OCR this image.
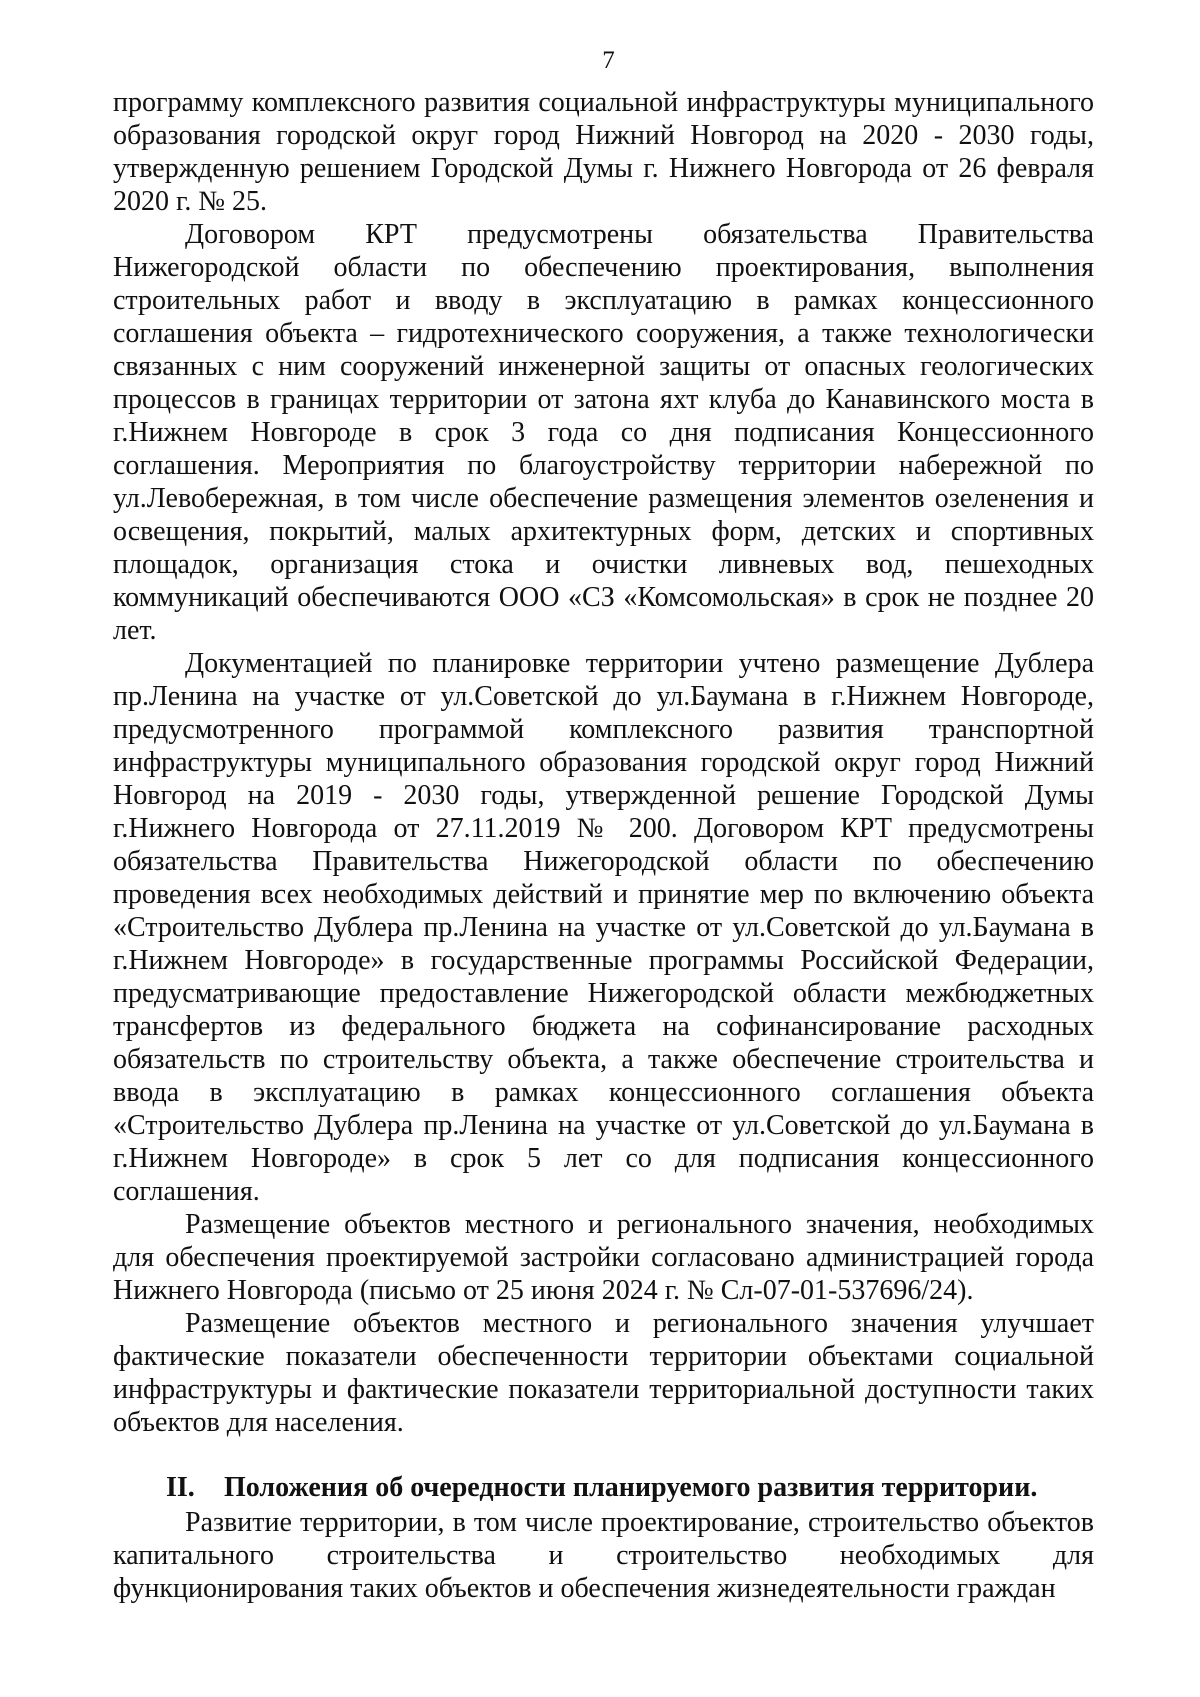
7

программу комплексного развития социальной инфраструктуры муниципального образования городской округ город Нижний Новгород на 2020 - 2030 годы, утвержденную решением Городской Думы г. Нижнего Новгорода от 26 февраля 2020 г. № 25.

Договором КРТ предусмотрены обязательства Правительства Нижегородской области по обеспечению проектирования, выполнения строительных работ и вводу в эксплуатацию в рамках концессионного соглашения объекта – гидротехнического сооружения, а также технологически связанных с ним сооружений инженерной защиты от опасных геологических процессов в границах территории от затона яхт клуба до Канавинского моста в г.Нижнем Новгороде в срок 3 года со дня подписания Концессионного соглашения. Мероприятия по благоустройству территории набережной по ул.Левобережная, в том числе обеспечение размещения элементов озеленения и освещения, покрытий, малых архитектурных форм, детских и спортивных площадок, организация стока и очистки ливневых вод, пешеходных коммуникаций обеспечиваются ООО «СЗ «Комсомольская» в срок не позднее 20 лет.

Документацией по планировке территории учтено размещение Дублера пр.Ленина на участке от ул.Советской до ул.Баумана в г.Нижнем Новгороде, предусмотренного программой комплексного развития транспортной инфраструктуры муниципального образования городской округ город Нижний Новгород на 2019 - 2030 годы, утвержденной решение Городской Думы г.Нижнего Новгорода от 27.11.2019 № 200. Договором КРТ предусмотрены обязательства Правительства Нижегородской области по обеспечению проведения всех необходимых действий и принятие мер по включению объекта «Строительство Дублера пр.Ленина на участке от ул.Советской до ул.Баумана в г.Нижнем Новгороде» в государственные программы Российской Федерации, предусматривающие предоставление Нижегородской области межбюджетных трансфертов из федерального бюджета на софинансирование расходных обязательств по строительству объекта, а также обеспечение строительства и ввода в эксплуатацию в рамках концессионного соглашения объекта «Строительство Дублера пр.Ленина на участке от ул.Советской до ул.Баумана в г.Нижнем Новгороде» в срок 5 лет со для подписания концессионного соглашения.

Размещение объектов местного и регионального значения, необходимых для обеспечения проектируемой застройки согласовано администрацией города Нижнего Новгорода (письмо от 25 июня 2024 г. № Сл-07-01-537696/24).

Размещение объектов местного и регионального значения улучшает фактические показатели обеспеченности территории объектами социальной инфраструктуры и фактические показатели территориальной доступности таких объектов для населения.

II. Положения об очередности планируемого развития территории.

Развитие территории, в том числе проектирование, строительство объектов капитального строительства и строительство необходимых для функционирования таких объектов и обеспечения жизнедеятельности граждан
